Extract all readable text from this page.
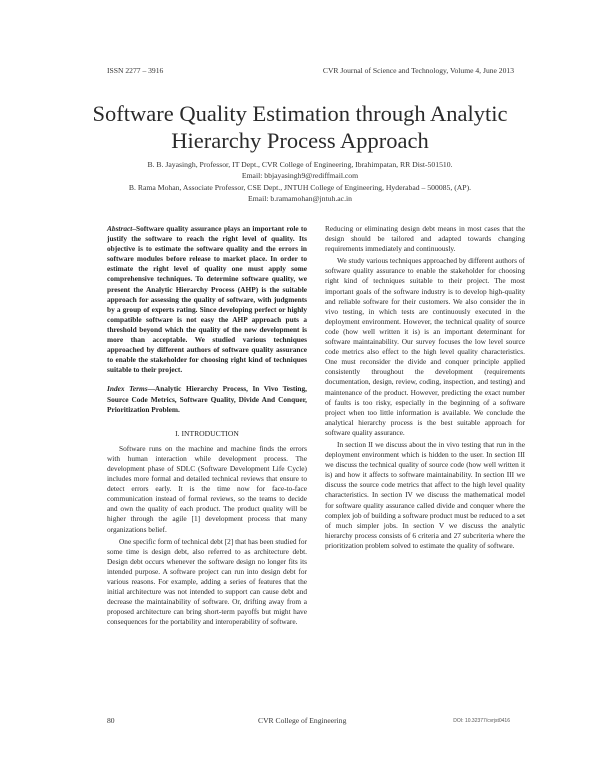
ISSN 2277 – 3916	CVR Journal of Science and Technology, Volume 4, June 2013
Software Quality Estimation through Analytic Hierarchy Process Approach
B. B. Jayasingh, Professor, IT Dept., CVR College of Engineering, Ibrahimpatan, RR Dist-501510.
Email: bbjayasingh9@rediffmail.com
B. Rama Mohan, Associate Professor, CSE Dept., JNTUH College of Engineering, Hyderabad – 500085, (AP).
Email: b.ramamohan@jntuh.ac.in

Abstract–Software quality assurance plays an important role to justify the software to reach the right level of quality. Its objective is to estimate the software quality and the errors in software modules before release to market place. In order to estimate the right level of quality one must apply some comprehensive techniques. To determine software quality, we present the Analytic Hierarchy Process (AHP) is the suitable approach for assessing the quality of software, with judgments by a group of experts rating. Since developing perfect or highly compatible software is not easy the AHP approach puts a threshold beyond which the quality of the new development is more than acceptable. We studied various techniques approached by different authors of software quality assurance to enable the stakeholder for choosing right kind of techniques suitable to their project.

Index Terms—Analytic Hierarchy Process, In Vivo Testing, Source Code Metrics, Software Quality, Divide And Conquer, Prioritization Problem.

I. INTRODUCTION

Software runs on the machine and machine finds the errors with human interaction while development process. The development phase of SDLC (Software Development Life Cycle) includes more formal and detailed technical reviews that ensure to detect errors early. It is the time now for face-to-face communication instead of formal reviews, so the teams to decide and own the quality of each product. The product quality will be higher through the agile [1] development process that many organizations belief.

One specific form of technical debt [2] that has been studied for some time is design debt, also referred to as architecture debt. Design debt occurs whenever the software design no longer fits its intended purpose. A software project can run into design debt for various reasons. For example, adding a series of features that the initial architecture was not intended to support can cause debt and decrease the maintainability of software. Or, drifting away from a proposed architecture can bring short-term payoffs but might have consequences for the portability and interoperability of software.

Reducing or eliminating design debt means in most cases that the design should be tailored and adapted towards changing requirements immediately and continuously.

We study various techniques approached by different authors of software quality assurance to enable the stakeholder for choosing right kind of techniques suitable to their project. The most important goals of the software industry is to develop high-quality and reliable software for their customers. We also consider the in vivo testing, in which tests are continuously executed in the deployment environment. However, the technical quality of source code (how well written it is) is an important determinant for software maintainability. Our survey focuses the low level source code metrics also effect to the high level quality characteristics. One must reconsider the divide and conquer principle applied consistently throughout the development (requirements documentation, design, review, coding, inspection, and testing) and maintenance of the product. However, predicting the exact number of faults is too risky, especially in the beginning of a software project when too little information is available. We conclude the analytical hierarchy process is the best suitable approach for software quality assurance.

In section II we discuss about the in vivo testing that run in the deployment environment which is hidden to the user. In section III we discuss the technical quality of source code (how well written it is) and how it affects to software maintainability. In section III we discuss the source code metrics that affect to the high level quality characteristics. In section IV we discuss the mathematical model for software quality assurance called divide and conquer where the complex job of building a software product must be reduced to a set of much simpler jobs. In section V we discuss the analytic hierarchy process consists of 6 criteria and 27 subcriteria where the prioritization problem solved to estimate the quality of software.

80	CVR College of Engineering	DOI: 10.32377/cvrjst0416
